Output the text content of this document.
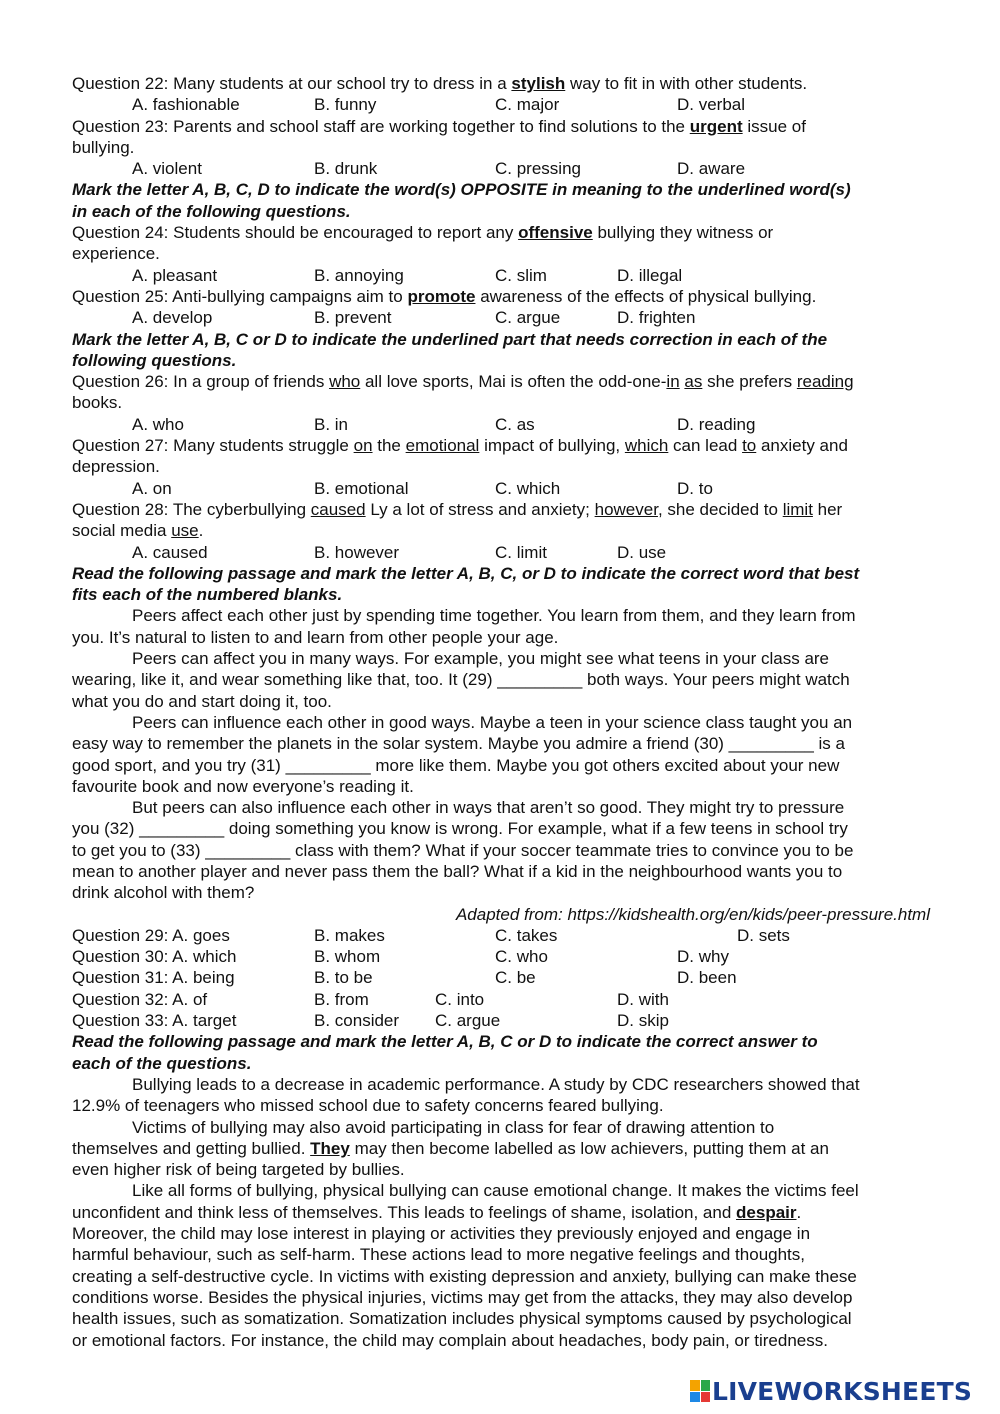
Question 22: Many students at our school try to dress in a stylish way to fit in with other students.
A. fashionable	B. funny	C. major	D. verbal
Question 23: Parents and school staff are working together to find solutions to the urgent issue of
bullying.
A. violent	B. drunk	C. pressing	D. aware
Mark the letter A, B, C, D to indicate the word(s) OPPOSITE in meaning to the underlined word(s)
in each of the following questions.
Question 24: Students should be encouraged to report any offensive bullying they witness or
experience.
A. pleasant	B. annoying	C. slim	D. illegal
Question 25: Anti-bullying campaigns aim to promote awareness of the effects of physical bullying.
A. develop	B. prevent	C. argue	D. frighten
Mark the letter A, B, C or D to indicate the underlined part that needs correction in each of the
following questions.
Question 26: In a group of friends who all love sports, Mai is often the odd-one-in as she prefers reading
books.
A. who	B. in	C. as	D. reading
Question 27: Many students struggle on the emotional impact of bullying, which can lead to anxiety and
depression.
A. on	B. emotional	C. which	D. to
Question 28: The cyberbullying caused Ly a lot of stress and anxiety; however, she decided to limit her
social media use.
A. caused	B. however	C. limit	D. use
Read the following passage and mark the letter A, B, C, or D to indicate the correct word that best
fits each of the numbered blanks.
Peers affect each other just by spending time together. You learn from them, and they learn from
you. It’s natural to listen to and learn from other people your age.
Peers can affect you in many ways. For example, you might see what teens in your class are
wearing, like it, and wear something like that, too. It (29) _________ both ways. Your peers might watch
what you do and start doing it, too.
Peers can influence each other in good ways. Maybe a teen in your science class taught you an
easy way to remember the planets in the solar system. Maybe you admire a friend (30) _________ is a
good sport, and you try (31) _________ more like them. Maybe you got others excited about your new
favourite book and now everyone’s reading it.
But peers can also influence each other in ways that aren’t so good. They might try to pressure
you (32) _________ doing something you know is wrong. For example, what if a few teens in school try
to get you to (33) _________ class with them? What if your soccer teammate tries to convince you to be
mean to another player and never pass them the ball? What if a kid in the neighbourhood wants you to
drink alcohol with them?
Adapted from: https://kidshealth.org/en/kids/peer-pressure.html
Question 29: A. goes	B. makes	C. takes	D. sets
Question 30: A. which	B. whom	C. who	D. why
Question 31: A. being	B. to be	C. be	D. been
Question 32: A. of	B. from	C. into	D. with
Question 33: A. target	B. consider C. argue	D. skip
Read the following passage and mark the letter A, B, C or D to indicate the correct answer to
each of the questions.
Bullying leads to a decrease in academic performance. A study by CDC researchers showed that
12.9% of teenagers who missed school due to safety concerns feared bullying.
Victims of bullying may also avoid participating in class for fear of drawing attention to
themselves and getting bullied. They may then become labelled as low achievers, putting them at an
even higher risk of being targeted by bullies.
Like all forms of bullying, physical bullying can cause emotional change. It makes the victims feel
unconfident and think less of themselves. This leads to feelings of shame, isolation, and despair.
Moreover, the child may lose interest in playing or activities they previously enjoyed and engage in
harmful behaviour, such as self-harm. These actions lead to more negative feelings and thoughts,
creating a self-destructive cycle. In victims with existing depression and anxiety, bullying can make these
conditions worse. Besides the physical injuries, victims may get from the attacks, they may also develop
health issues, such as somatization. Somatization includes physical symptoms caused by psychological
or emotional factors. For instance, the child may complain about headaches, body pain, or tiredness.
LIVEWORKSHEETS
